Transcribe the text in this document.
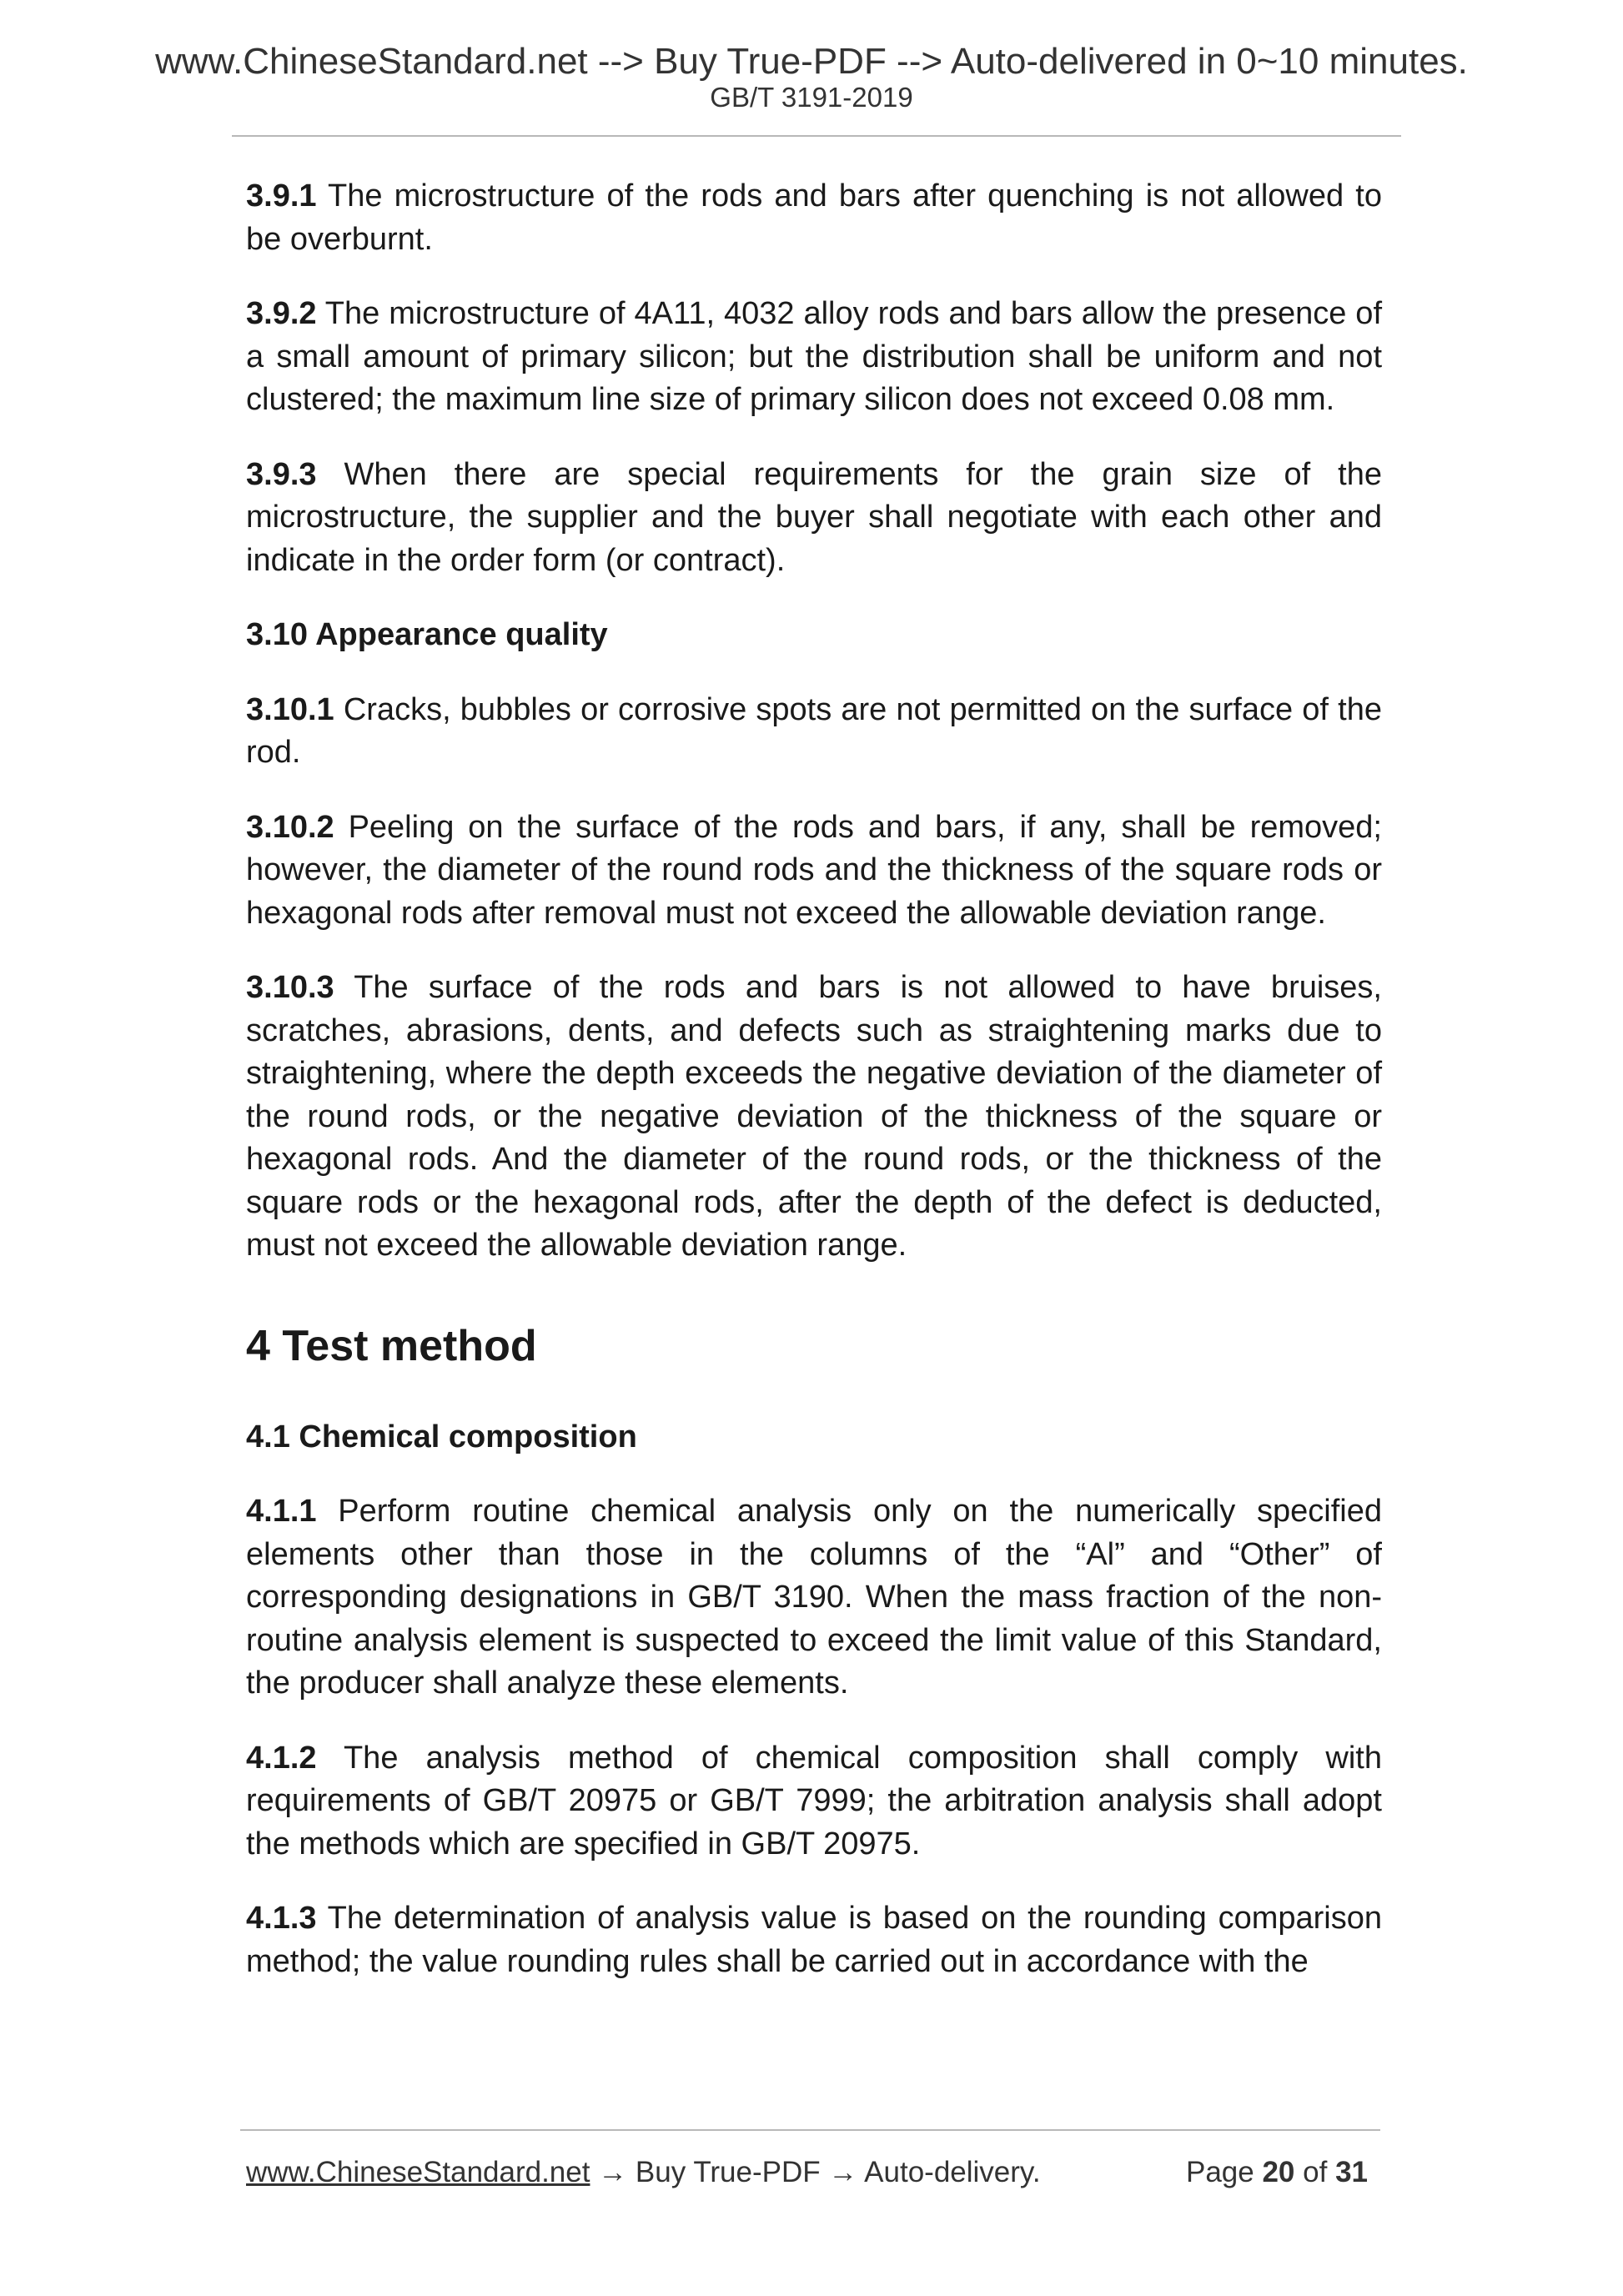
www.ChineseStandard.net --> Buy True-PDF --> Auto-delivered in 0~10 minutes.
GB/T 3191-2019

3.9.1 The microstructure of the rods and bars after quenching is not allowed to be overburnt.

3.9.2 The microstructure of 4A11, 4032 alloy rods and bars allow the presence of a small amount of primary silicon; but the distribution shall be uniform and not clustered; the maximum line size of primary silicon does not exceed 0.08 mm.

3.9.3 When there are special requirements for the grain size of the microstructure, the supplier and the buyer shall negotiate with each other and indicate in the order form (or contract).

3.10 Appearance quality

3.10.1 Cracks, bubbles or corrosive spots are not permitted on the surface of the rod.

3.10.2 Peeling on the surface of the rods and bars, if any, shall be removed; however, the diameter of the round rods and the thickness of the square rods or hexagonal rods after removal must not exceed the allowable deviation range.

3.10.3 The surface of the rods and bars is not allowed to have bruises, scratches, abrasions, dents, and defects such as straightening marks due to straightening, where the depth exceeds the negative deviation of the diameter of the round rods, or the negative deviation of the thickness of the square or hexagonal rods. And the diameter of the round rods, or the thickness of the square rods or the hexagonal rods, after the depth of the defect is deducted, must not exceed the allowable deviation range.

4 Test method
4.1 Chemical composition

4.1.1 Perform routine chemical analysis only on the numerically specified elements other than those in the columns of the “Al” and “Other” of corresponding designations in GB/T 3190. When the mass fraction of the non-routine analysis element is suspected to exceed the limit value of this Standard, the producer shall analyze these elements.

4.1.2 The analysis method of chemical composition shall comply with requirements of GB/T 20975 or GB/T 7999; the arbitration analysis shall adopt the methods which are specified in GB/T 20975.

4.1.3 The determination of analysis value is based on the rounding comparison method; the value rounding rules shall be carried out in accordance with the

www.ChineseStandard.net → Buy True-PDF → Auto-delivery.	Page 20 of 31
